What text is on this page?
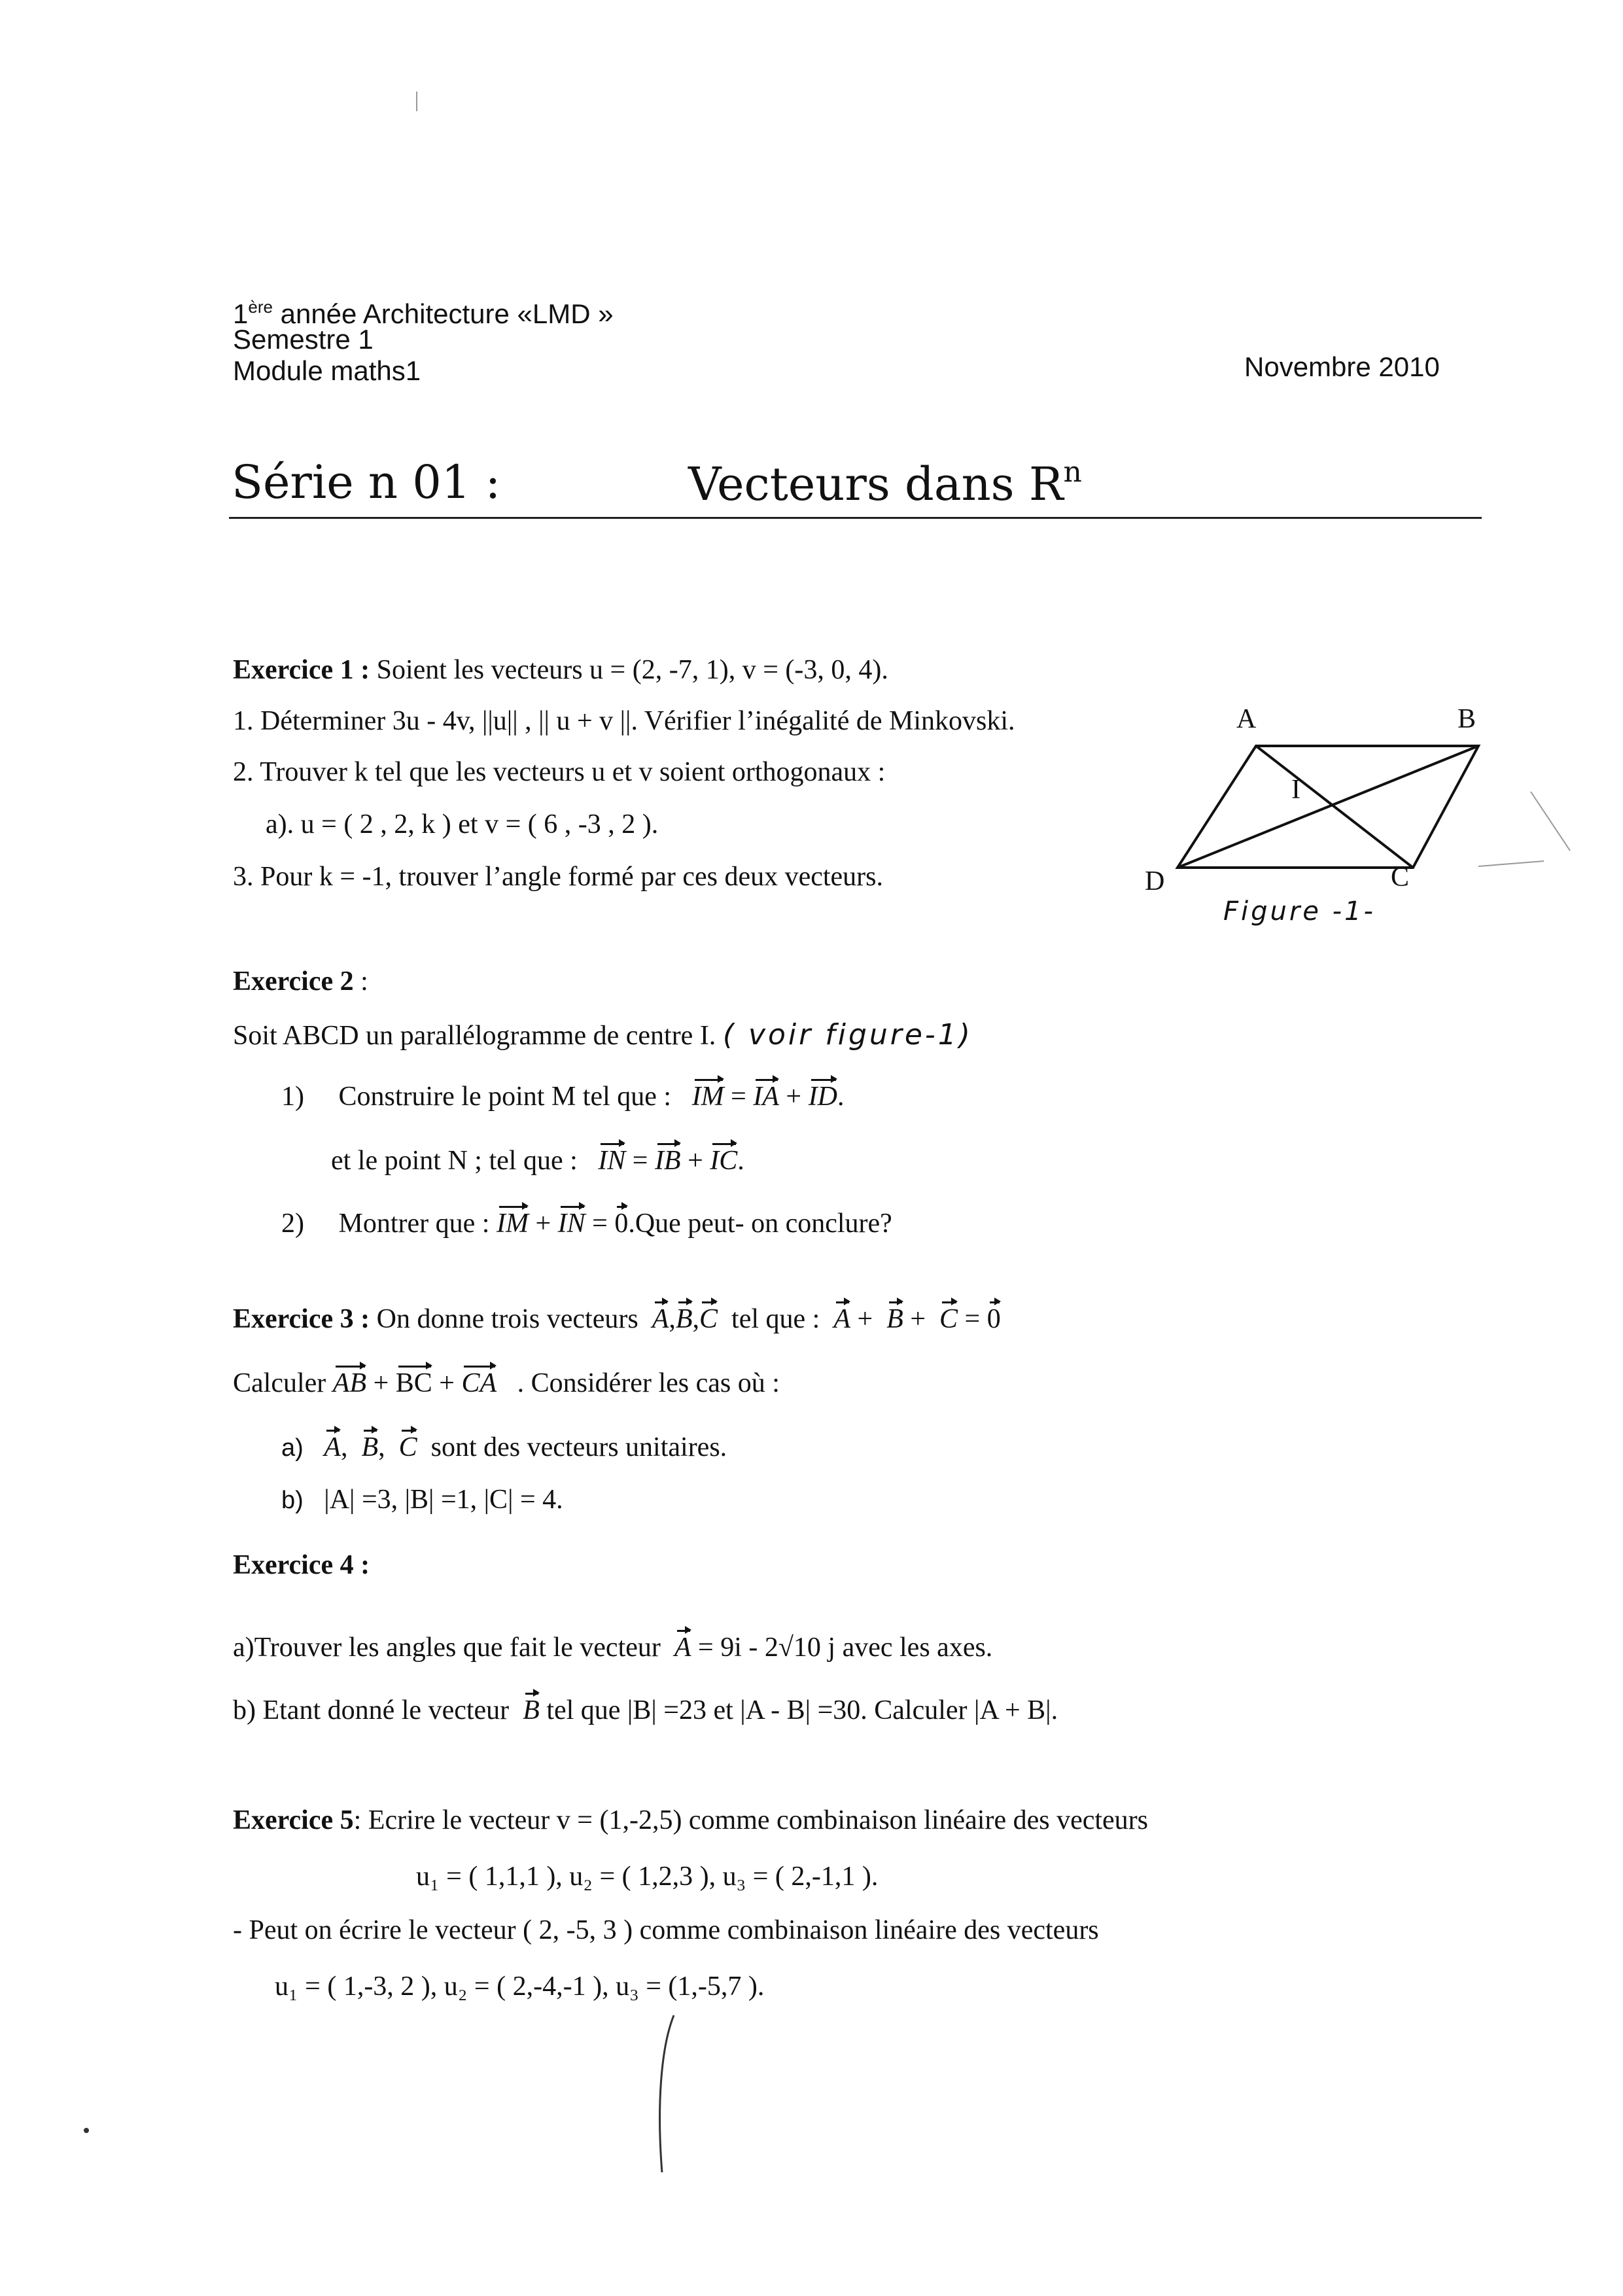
1ère année Architecture «LMD »
Semestre 1
Module maths1	Novembre 2010
Série n 01 :	Vecteurs dans $R^n$
Exercice 1 : Soient les vecteurs u = (2, -7, 1), v = (-3, 0, 4).
1. Déterminer 3u - 4v, ||u|| , || u + v ||. Vérifier l’inégalité de Minkovski.
2. Trouver k tel que les vecteurs u et v soient orthogonaux :
a). u = ( 2 , 2, k ) et v = ( 6 , -3 , 2 ).
3. Pour k = -1, trouver l’angle formé par ces deux vecteurs.
A	B
D	C
I
Figure -1-
Exercice 2 :
Soit ABCD un parallélogramme de centre I. ( voir figure-1)
1) Construire le point M tel que : IM = IA + ID.
et le point N ; tel que : IN = IB + IC.
2) Montrer que : IM + IN = 0.Que peut- on conclure?
Exercice 3 : On donne trois vecteurs A,B,C tel que : A +  B +  C = 0
Calculer AB + BC + CA . Considérer les cas où :
a) A,  B,  C sont des vecteurs unitaires.
b) |A| =3, |B| =1, |C| = 4.
Exercice 4 :
a)Trouver les angles que fait le vecteur A = 9i - 2√10 j avec les axes.
b) Etant donné le vecteur B tel que |B| =23 et |A - B| =30. Calculer |A + B|.
Exercice 5: Ecrire le vecteur v = (1,-2,5) comme combinaison linéaire des vecteurs
u₁ = ( 1,1,1 ), u₂ = ( 1,2,3 ), u₃ = ( 2,-1,1 ).
- Peut on écrire le vecteur ( 2, -5, 3 ) comme combinaison linéaire des vecteurs
u₁ = ( 1,-3, 2 ), u₂ = ( 2,-4,-1 ), u₃ = (1,-5,7 ).
